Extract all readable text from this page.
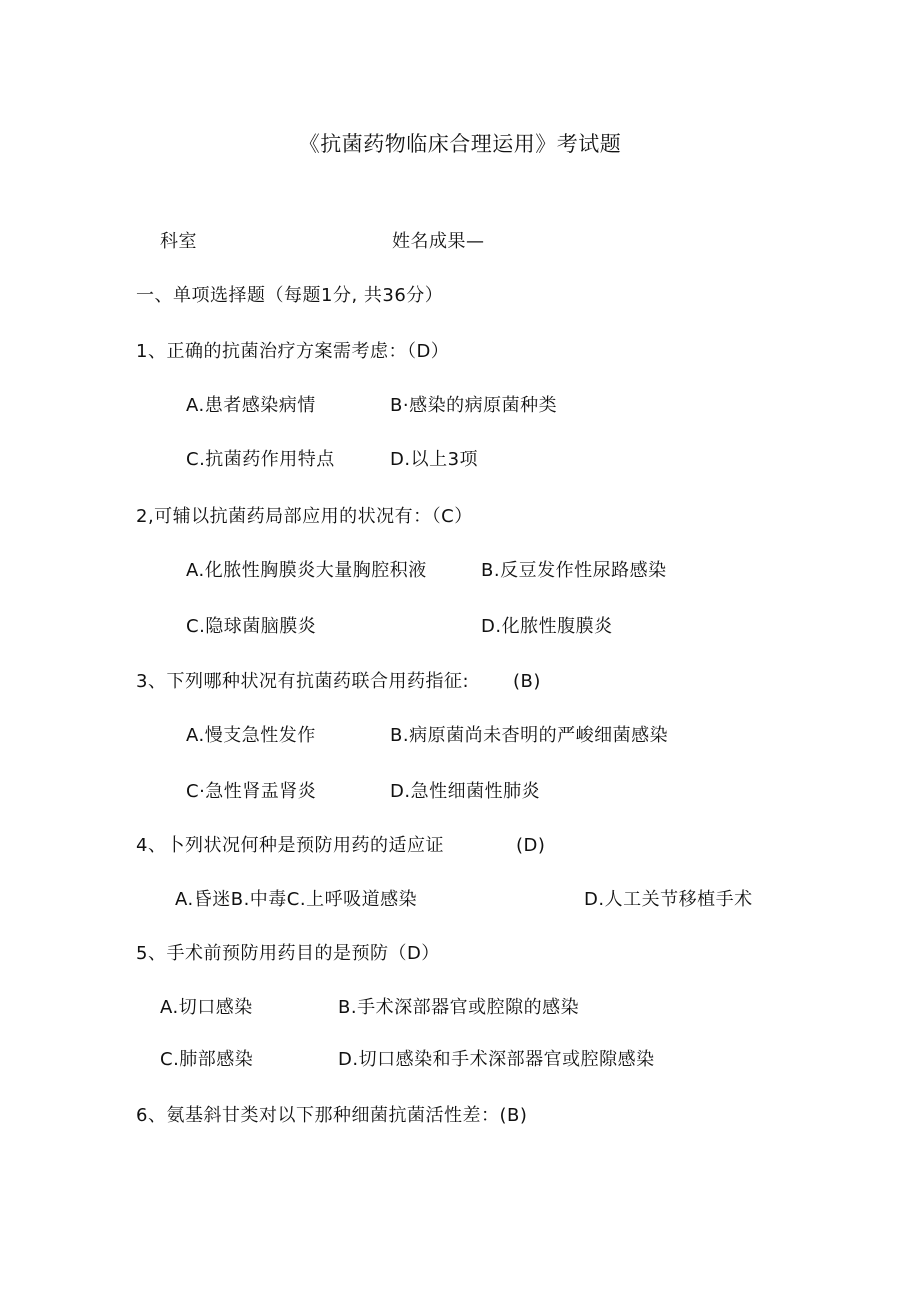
《抗菌药物临床合理运用》考试题
科室	姓名成果—
一、单项选择题（每题1分, 共36分）
1、正确的抗菌治疗方案需考虑：（D）
A.患者感染病情	B·感染的病原菌种类
C.抗菌药作用特点	D.以上3项
2,可辅以抗菌药局部应用的状况有：（C）
A.化脓性胸膜炎大量胸腔积液	B.反豆发作性尿路感染
C.隐球菌脑膜炎	D.化脓性腹膜炎
3、下列哪种状况有抗菌药联合用药指征: (B)
A.慢支急性发作	B.病原菌尚未杳明的严峻细菌感染
C·急性肾盂肾炎	D.急性细菌性肺炎
4、卜列状况何种是预防用药的适应证	(D)
A.昏迷B.中毒C.上呼吸道感染	D.人工关节移植手术
5、手术前预防用药目的是预防（D）
A.切口感染	B.手术深部器官或腔隙的感染
C.肺部感染	D.切口感染和手术深部器官或腔隙感染
6、氨基斜甘类对以下那种细菌抗菌活性差：(B)
